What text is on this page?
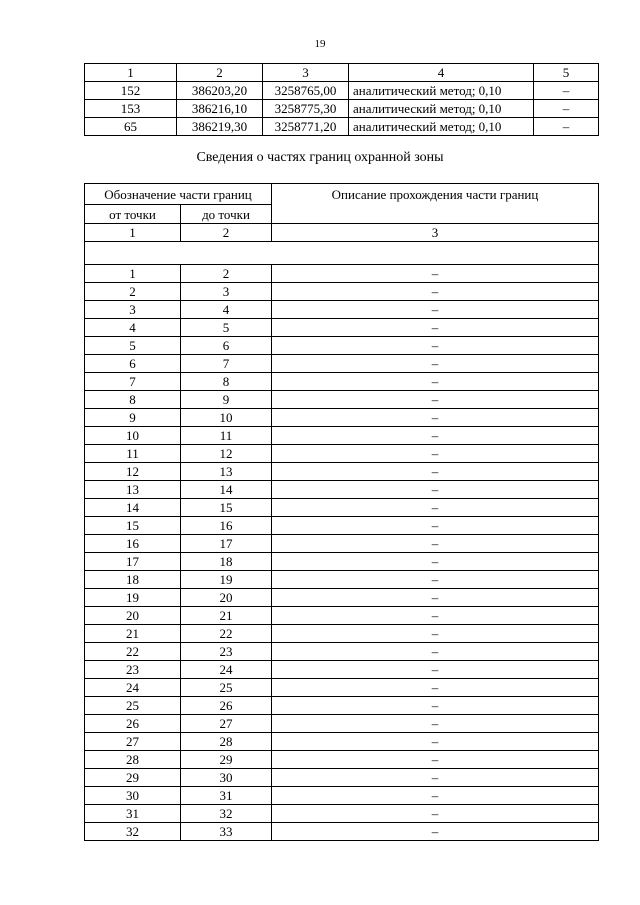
19
1	2	3	4	5
152	386203,20	3258765,00	аналитический метод; 0,10	–
153	386216,10	3258775,30	аналитический метод; 0,10	–
65	386219,30	3258771,20	аналитический метод; 0,10	–
Сведения о частях границ охранной зоны
Обозначение части границ		Описание прохождения части границ
от точки	до точки	
1	2	3

1	2	–
2	3	–
3	4	–
4	5	–
5	6	–
6	7	–
7	8	–
8	9	–
9	10	–
10	11	–
11	12	–
12	13	–
13	14	–
14	15	–
15	16	–
16	17	–
17	18	–
18	19	–
19	20	–
20	21	–
21	22	–
22	23	–
23	24	–
24	25	–
25	26	–
26	27	–
27	28	–
28	29	–
29	30	–
30	31	–
31	32	–
32	33	–
